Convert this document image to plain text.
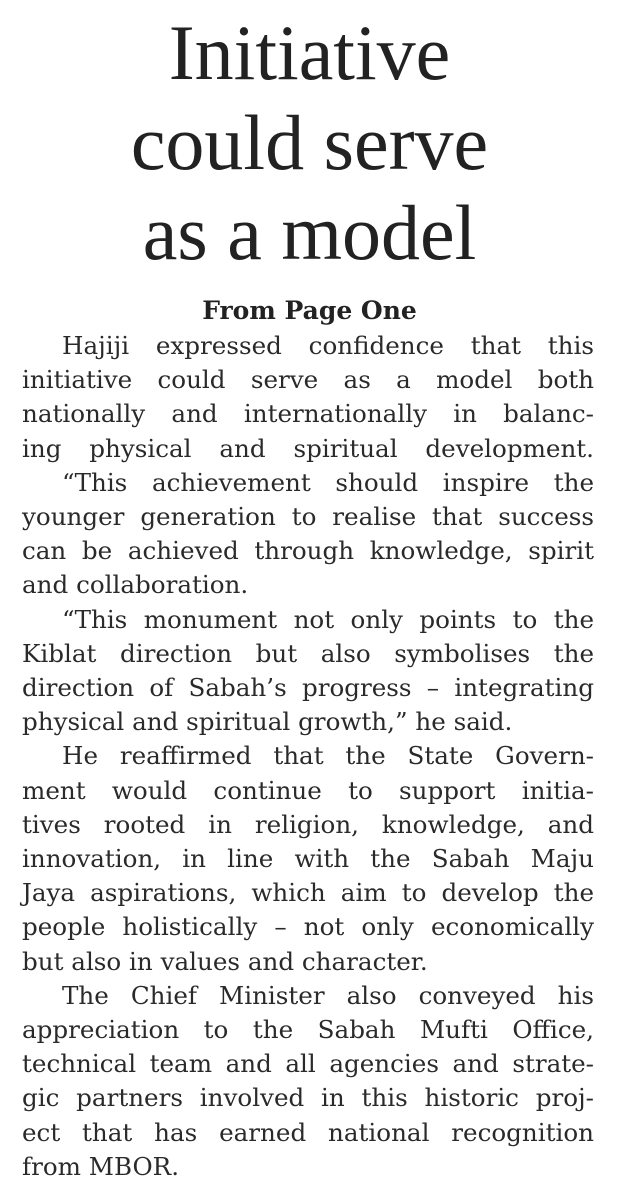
Initiative
could serve
as a model
From Page One
Hajiji expressed confidence that this
initiative could serve as a model both
nationally and internationally in balanc-
ing physical and spiritual development.
“This achievement should inspire the
younger generation to realise that success
can be achieved through knowledge, spirit
and collaboration.
“This monument not only points to the
Kiblat direction but also symbolises the
direction of Sabah’s progress – integrating
physical and spiritual growth,” he said.
He reaffirmed that the State Govern-
ment would continue to support initia-
tives rooted in religion, knowledge, and
innovation, in line with the Sabah Maju
Jaya aspirations, which aim to develop the
people holistically – not only economically
but also in values and character.
The Chief Minister also conveyed his
appreciation to the Sabah Mufti Office,
technical team and all agencies and strate-
gic partners involved in this historic proj-
ect that has earned national recognition
from MBOR.
